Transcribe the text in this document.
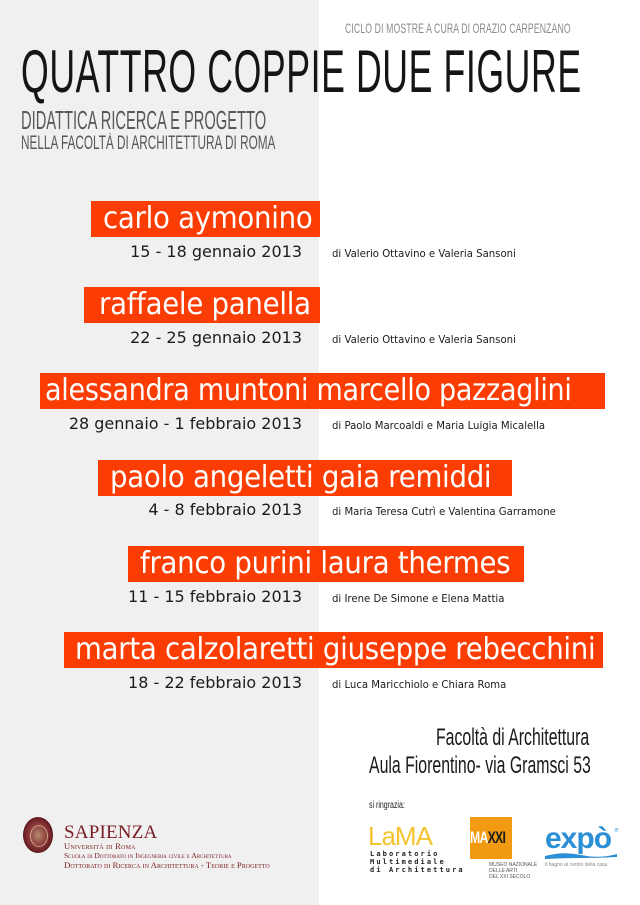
CICLO DI MOSTRE A CURA DI ORAZIO CARPENZANO
QUATTRO COPPIE DUE FIGURE
DIDATTICA RICERCA E PROGETTO
NELLA FACOLTÀ DI ARCHITETTURA DI ROMA
carlo aymonino
15 - 18 gennaio 2013	di Valerio Ottavino e Valeria Sansoni
raffaele panella
22 - 25 gennaio 2013	di Valerio Ottavino e Valeria Sansoni
alessandra muntoni marcello pazzaglini
28 gennaio - 1 febbraio 2013	di Paolo Marcoaldi e Maria Luigia Micalella
paolo angeletti gaia remiddi
4 - 8 febbraio 2013	di Maria Teresa Cutrì e Valentina Garramone
franco purini laura thermes
11 - 15 febbraio 2013	di Irene De Simone e Elena Mattia
marta calzolaretti giuseppe rebecchini
18 - 22 febbraio 2013	di Luca Maricchiolo e Chiara Roma
Facoltà di Architettura
Aula Fiorentino- via Gramsci 53
SAPIENZA
Università di Roma
Scuola di Dottorato in Ingegneria civile e Architettura
Dottorato di Ricerca in Architettura - Teorie e Progetto
si ringrazia:
LaMA
Laboratorio
Multimediale
di Architettura
MAXXI
MUSEO NAZIONALE
DELLE ARTI
DEL XXI SECOLO
expò ®
Il bagno al centro della casa
